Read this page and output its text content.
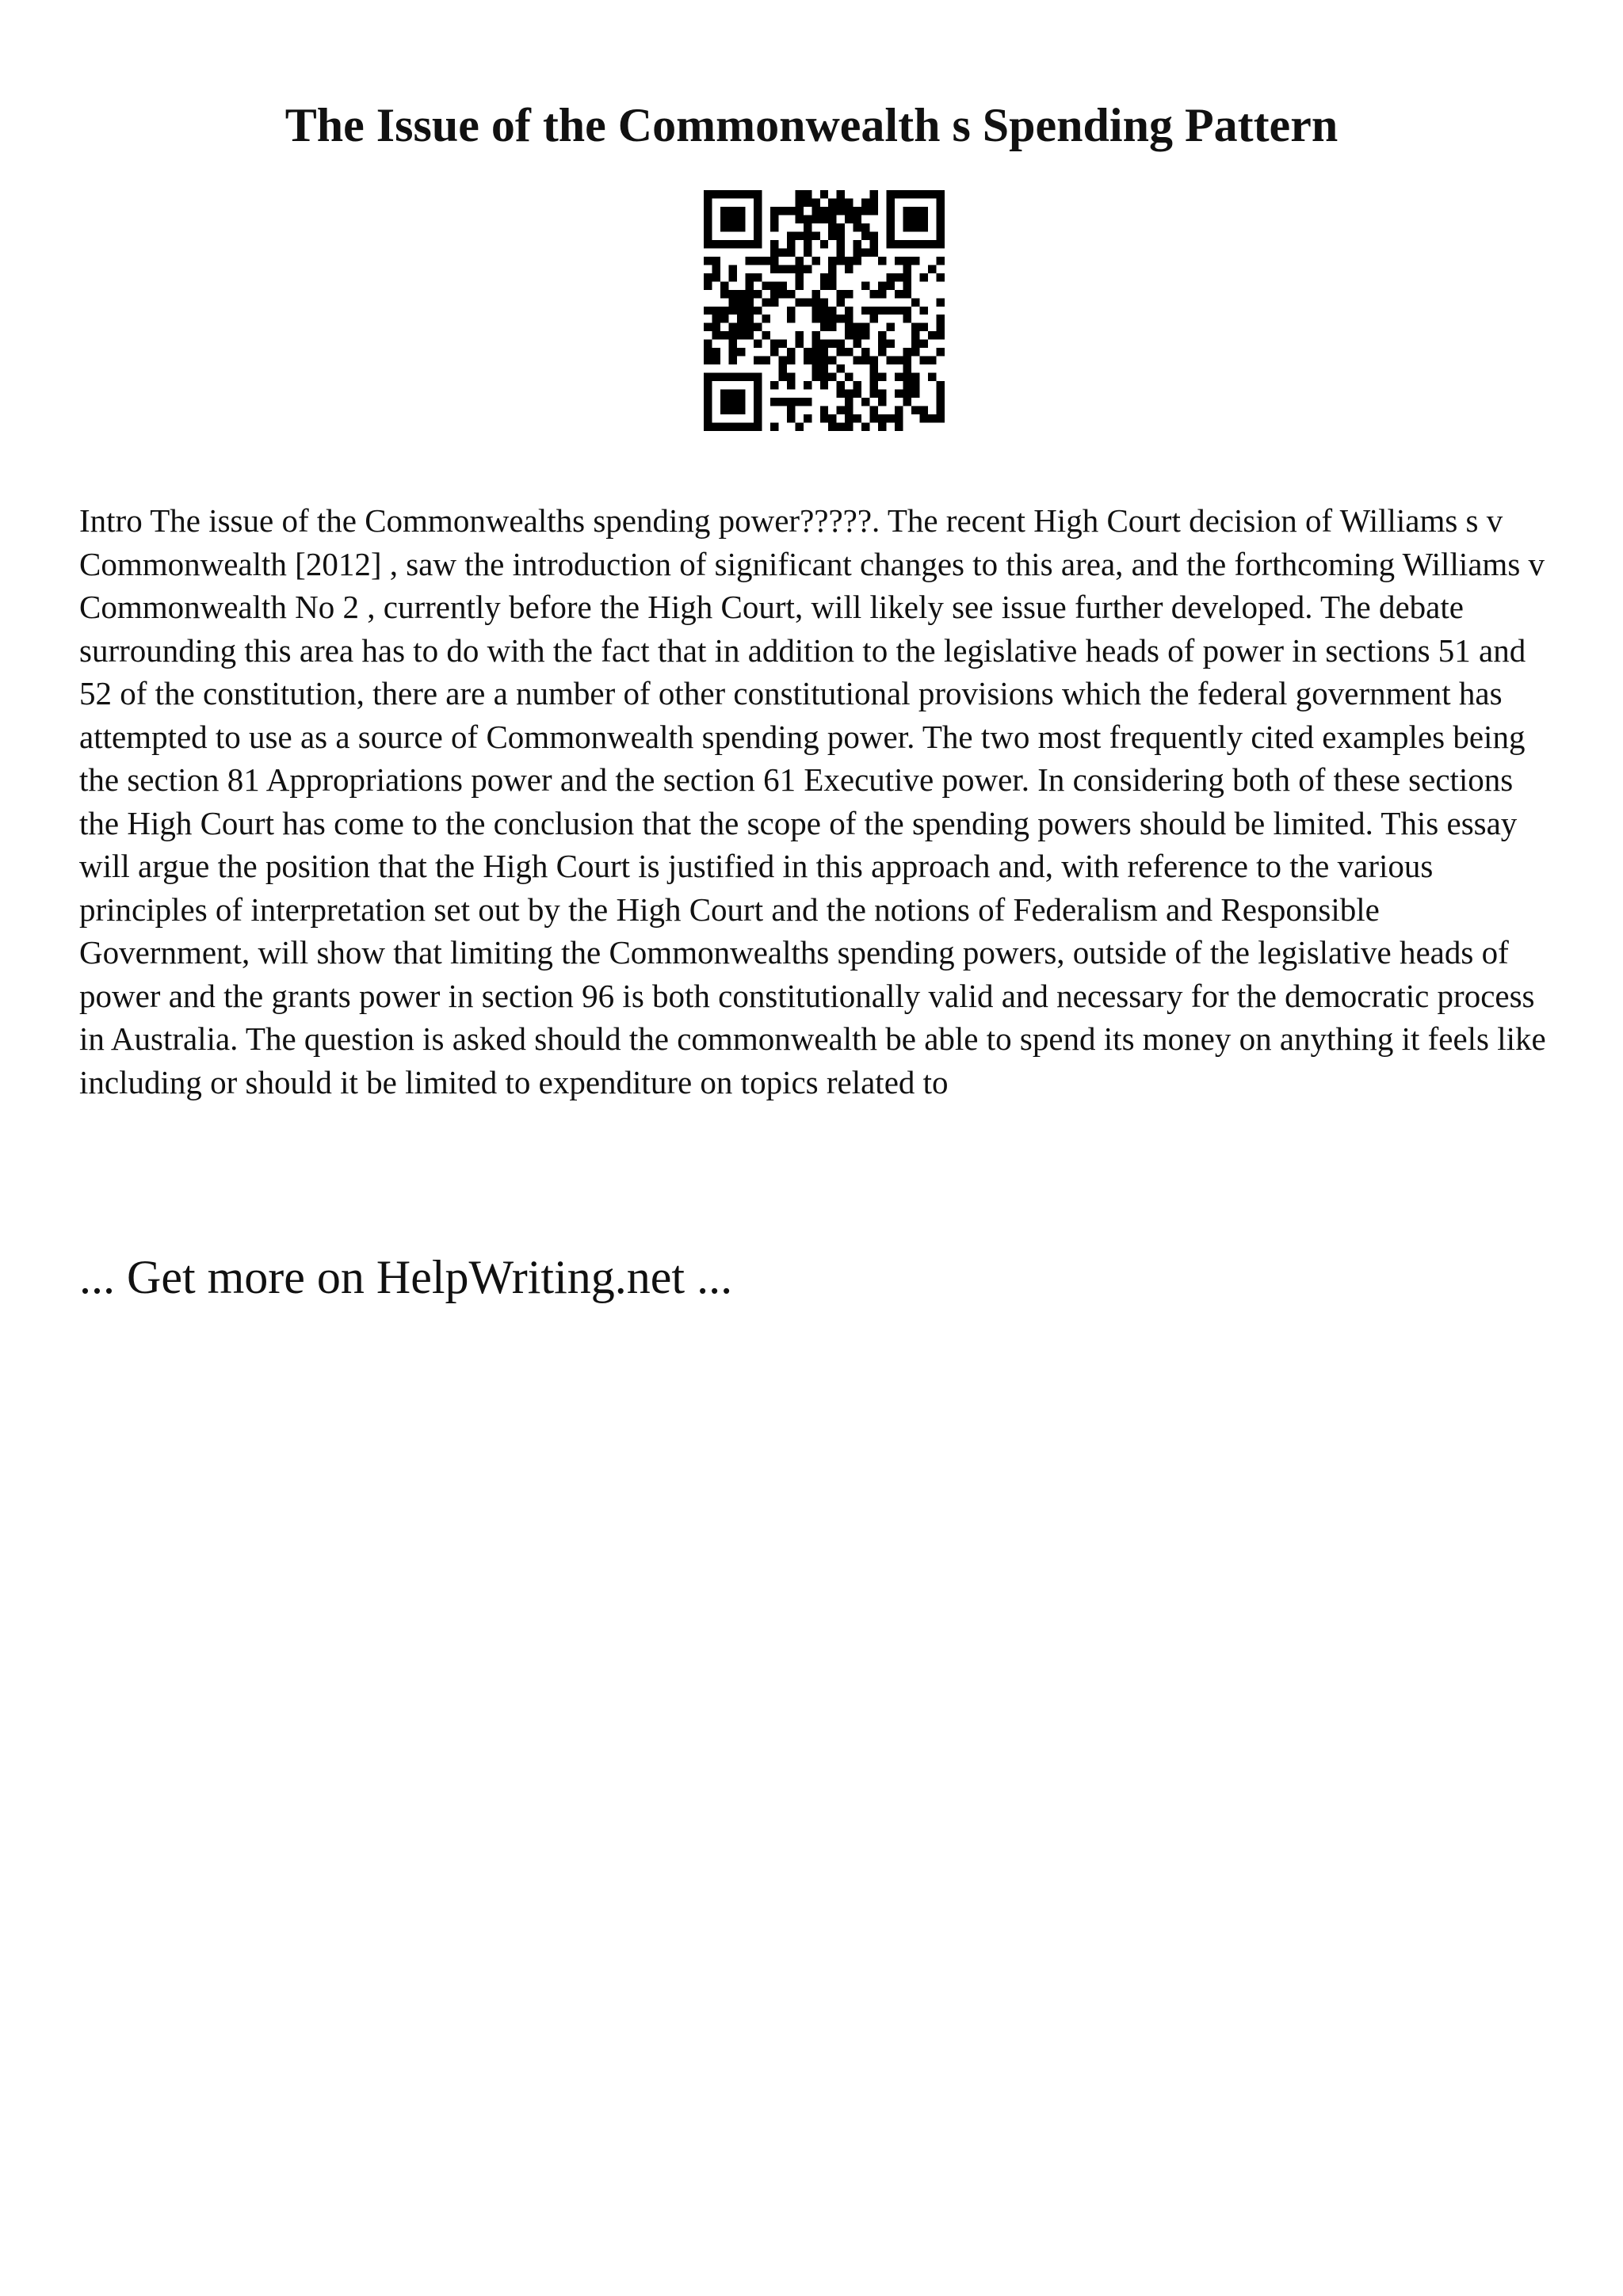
The Issue of the Commonwealth s Spending Pattern

Intro The issue of the Commonwealths spending power?????. The recent High Court decision of Williams s v Commonwealth [2012] , saw the introduction of significant changes to this area, and the forthcoming Williams v Commonwealth No 2 , currently before the High Court, will likely see issue further developed. The debate surrounding this area has to do with the fact that in addition to the legislative heads of power in sections 51 and 52 of the constitution, there are a number of other constitutional provisions which the federal government has attempted to use as a source of Commonwealth spending power. The two most frequently cited examples being the section 81 Appropriations power and the section 61 Executive power. In considering both of these sections the High Court has come to the conclusion that the scope of the spending powers should be limited. This essay will argue the position that the High Court is justified in this approach and, with reference to the various principles of interpretation set out by the High Court and the notions of Federalism and Responsible Government, will show that limiting the Commonwealths spending powers, outside of the legislative heads of power and the grants power in section 96 is both constitutionally valid and necessary for the democratic process in Australia. The question is asked should the commonwealth be able to spend its money on anything it feels like including or should it be limited to expenditure on topics related to

... Get more on HelpWriting.net ...
